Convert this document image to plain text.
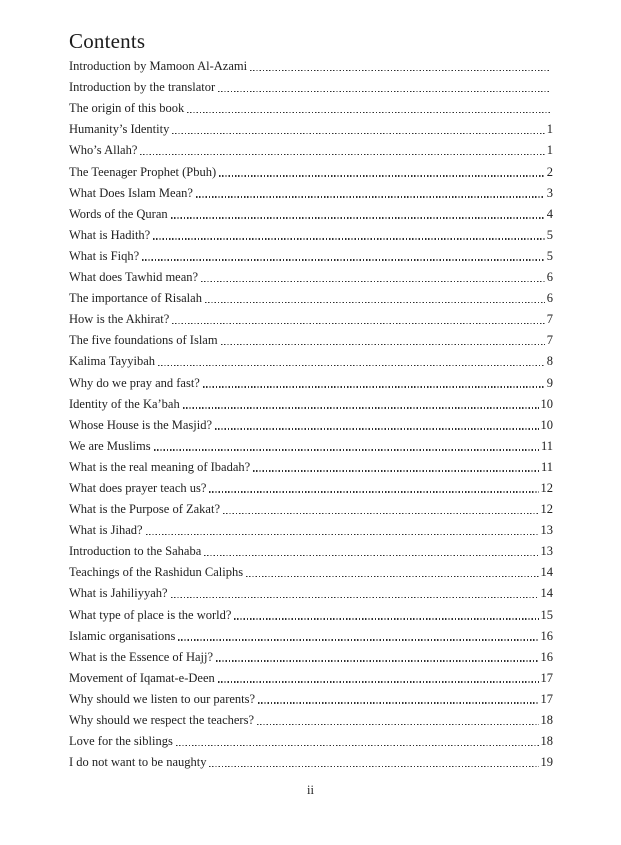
Contents
Introduction by Mamoon Al-Azami
Introduction by the translator
The origin of this book
Humanity’s Identity	1
Who’s Allah?	1
The Teenager Prophet (Pbuh)	2
What Does Islam Mean?	3
Words of the Quran	4
What is Hadith?	5
What is Fiqh?	5
What does Tawhid mean?	6
The importance of Risalah	6
How is the Akhirat?	7
The five foundations of Islam	7
Kalima Tayyibah	8
Why do we pray and fast?	9
Identity of the Ka’bah	10
Whose House is the Masjid?	10
We are Muslims	11
What is the real meaning of Ibadah?	11
What does prayer teach us?	12
What is the Purpose of Zakat?	12
What is Jihad?	13
Introduction to the Sahaba	13
Teachings of the Rashidun Caliphs	14
What is Jahiliyyah?	14
What type of place is the world?	15
Islamic organisations	16
What is the Essence of Hajj?	16
Movement of Iqamat-e-Deen	17
Why should we listen to our parents?	17
Why should we respect the teachers?	18
Love for the siblings	18
I do not want to be naughty	19
ii
